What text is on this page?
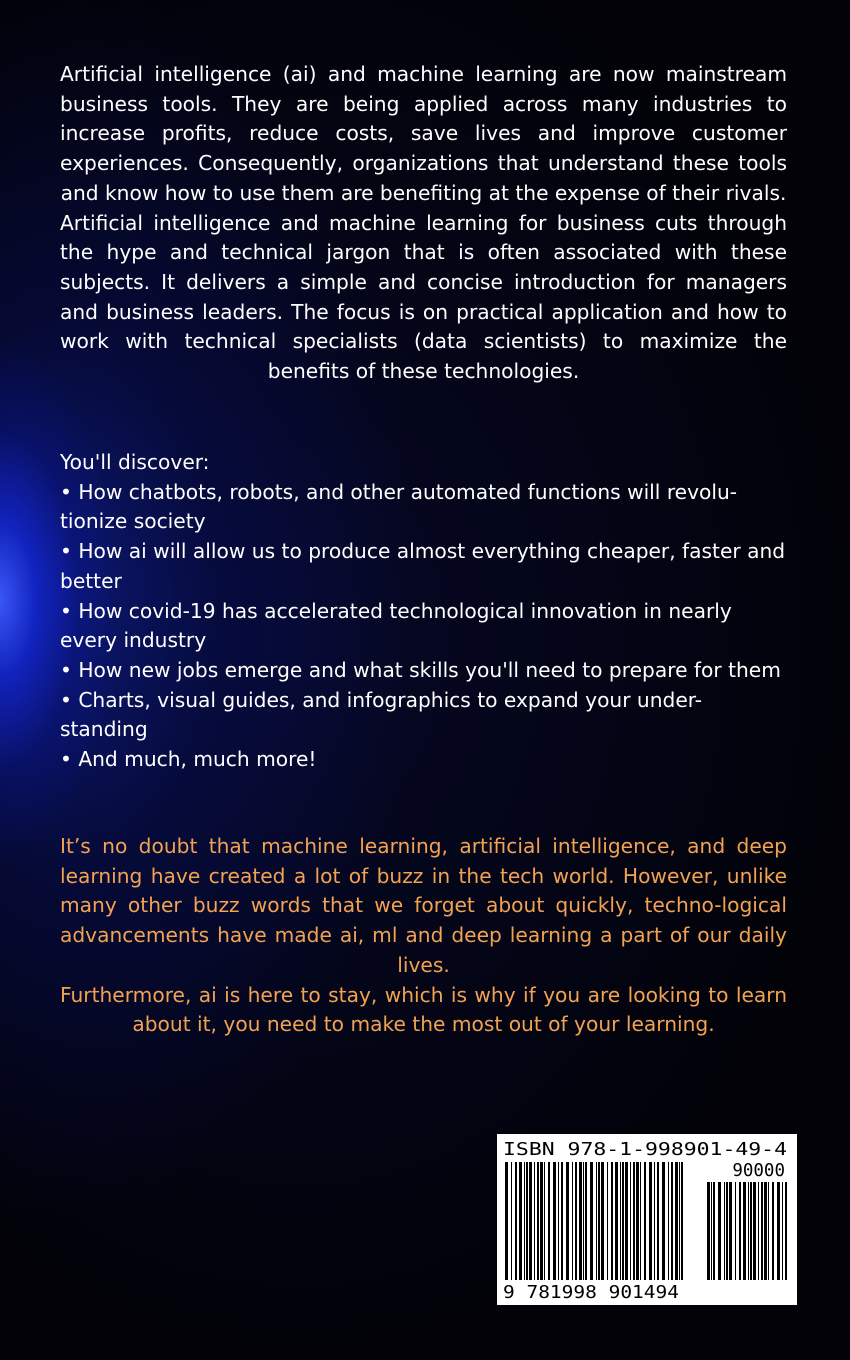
Artificial intelligence (ai) and machine learning are now mainstream business tools. They are being applied across many industries to increase profits, reduce costs, save lives and improve customer experiences. Consequently, organizations that understand these tools and know how to use them are benefiting at the expense of their rivals.

Artificial intelligence and machine learning for business cuts through the hype and technical jargon that is often associated with these subjects. It delivers a simple and concise introduction for managers and business leaders. The focus is on practical application and how to work with technical specialists (data scientists) to maximize the benefits of these technologies.

You'll discover:

• How chatbots, robots, and other automated functions will revolu-tionize society

• How ai will allow us to produce almost everything cheaper, faster and better

• How covid-19 has accelerated technological innovation in nearly every industry

• How new jobs emerge and what skills you'll need to prepare for them

• Charts, visual guides, and infographics to expand your under-standing

• And much, much more!

It’s no doubt that machine learning, artificial intelligence, and deep learning have created a lot of buzz in the tech world. However, unlike many other buzz words that we forget about quickly, techno-logical advancements have made ai, ml and deep learning a part of our daily lives.

Furthermore, ai is here to stay, which is why if you are looking to learn about it, you need to make the most out of your learning.

ISBN 978-1-998901-49-4
90000
9 781998 901494
